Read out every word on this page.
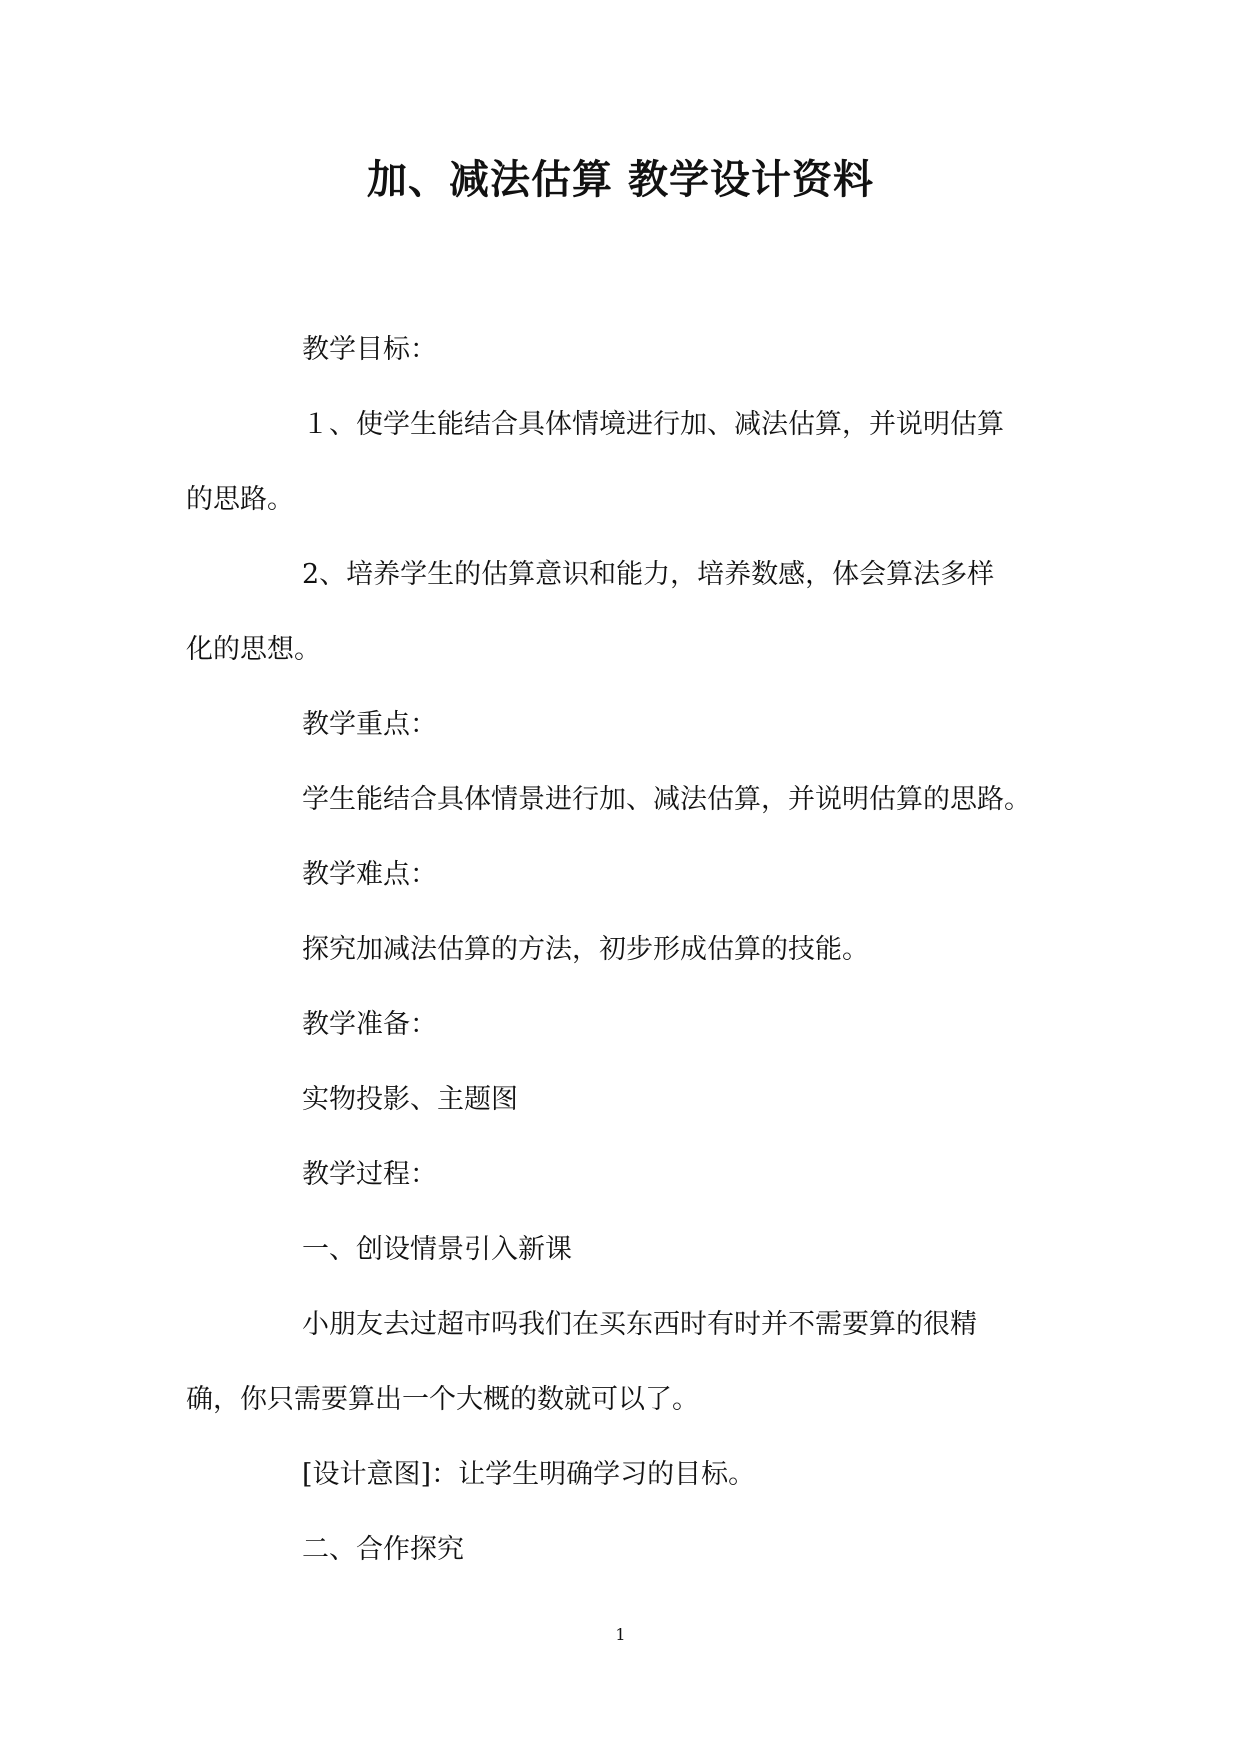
加、减法估算 教学设计资料

教学目标：

１、使学生能结合具体情境进行加、减法估算，并说明估算

的思路。

2、培养学生的估算意识和能力，培养数感，体会算法多样

化的思想。

教学重点：

学生能结合具体情景进行加、减法估算，并说明估算的思路。

教学难点：

探究加减法估算的方法，初步形成估算的技能。

教学准备：

实物投影、主题图

教学过程：

一、创设情景引入新课

小朋友去过超市吗我们在买东西时有时并不需要算的很精

确，你只需要算出一个大概的数就可以了。

[设计意图]：让学生明确学习的目标。

二、合作探究

1
